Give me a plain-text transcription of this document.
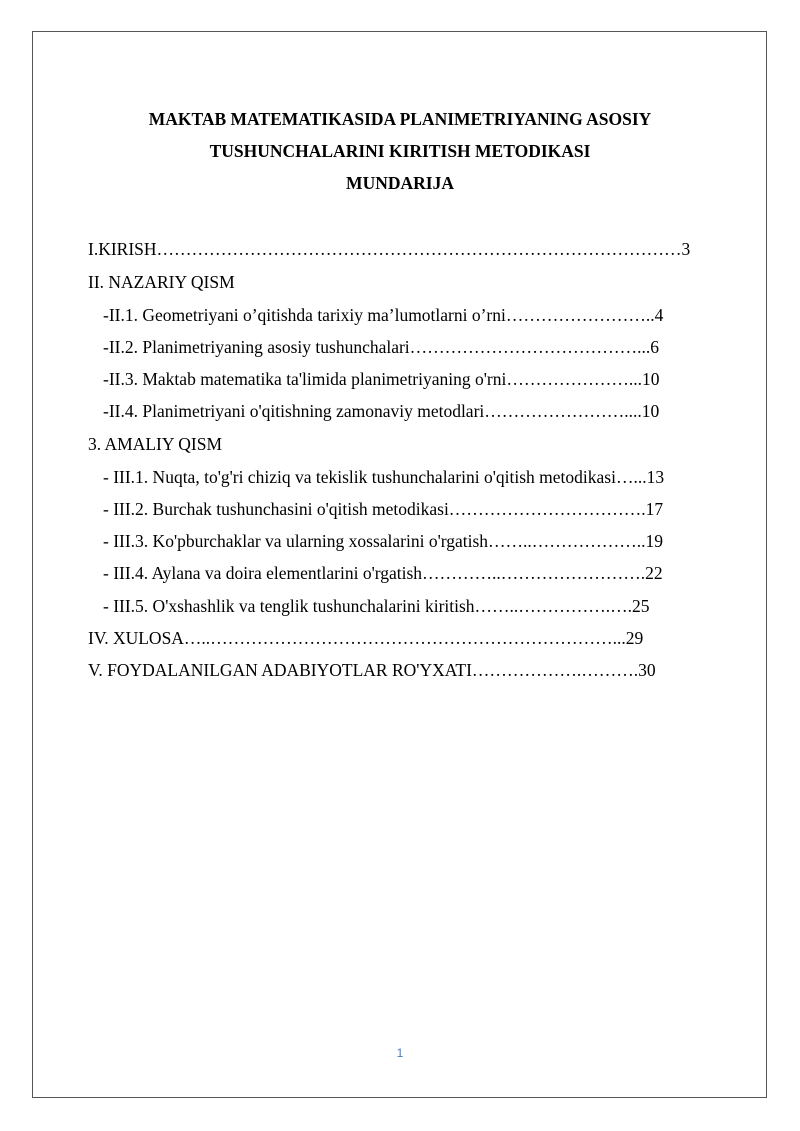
MAKTAB MATEMATIKASIDA PLANIMETRIYANING ASOSIY
TUSHUNCHALARINI KIRITISH METODIKASI
MUNDARIJA
I.KIRISH………………………………………………………………………………3
II. NAZARIY QISM
-II.1. Geometriyani o’qitishda tarixiy ma’lumotlarni o’rni……………………..4
-II.2. Planimetriyaning asosiy tushunchalari…………………………………...6
-II.3. Maktab matematika ta'limida planimetriyaning o'rni…………………...10
-II.4. Planimetriyani o'qitishning zamonaviy metodlari……………………....10
3. AMALIY QISM
- III.1. Nuqta, to'g'ri chiziq va tekislik tushunchalarini o'qitish metodikasi…...13
- III.2. Burchak tushunchasini o'qitish metodikasi…………………………….17
- III.3. Ko'pburchaklar va ularning xossalarini o'rgatish……..………………..19
- III.4. Aylana va doira elementlarini o'rgatish…………..…………………….22
- III.5. O'xshashlik va tenglik tushunchalarini kiritish……..…………….….25
IV. XULOSA…..……………………………………………………………...29
V. FOYDALANILGAN ADABIYOTLAR RO'YXATI……………….……….30
1
